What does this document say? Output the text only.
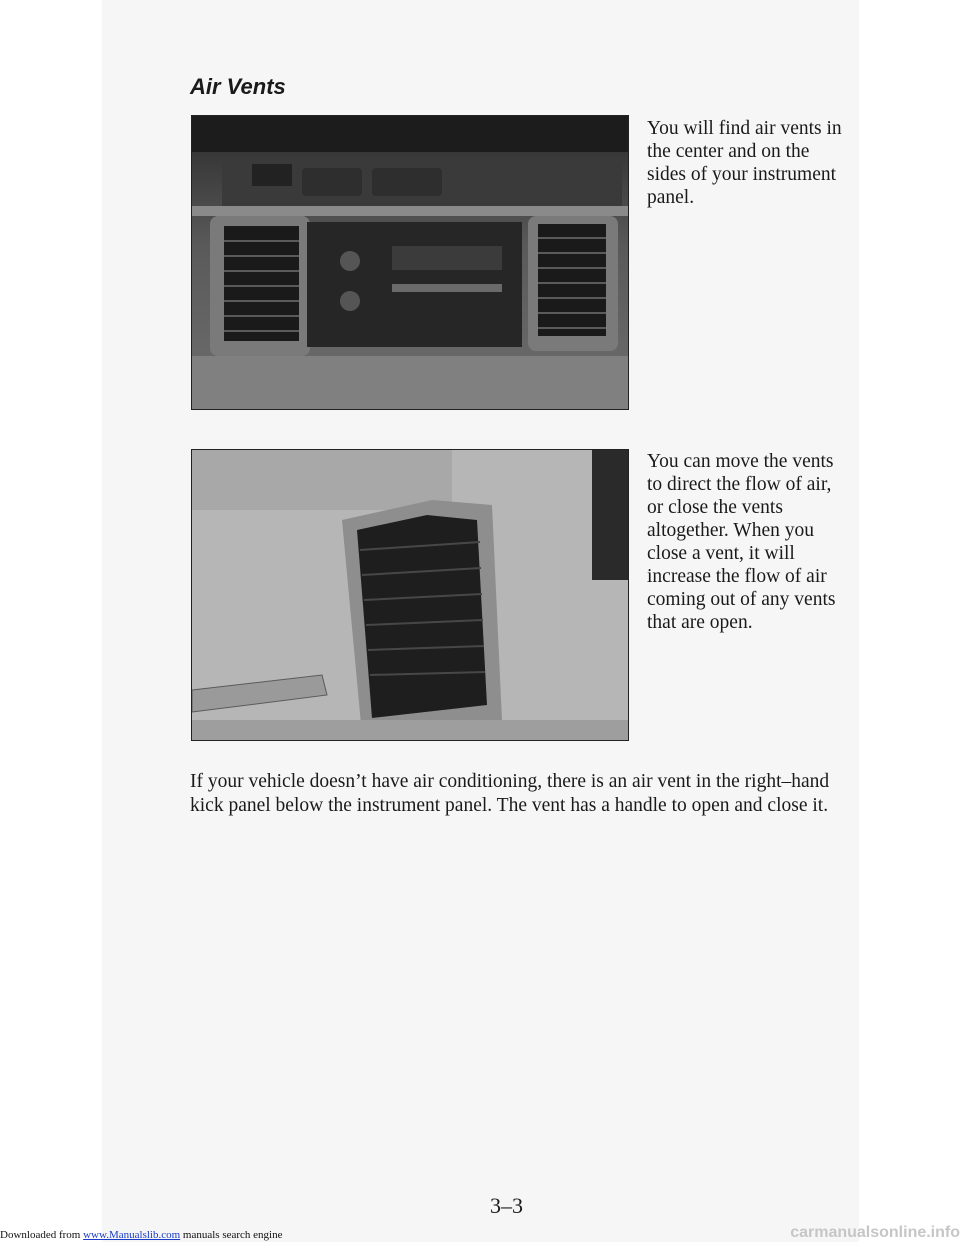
Air Vents

You will find air vents in the center and on the sides of your instrument panel.

You can move the vents to direct the flow of air, or close the vents altogether. When you close a vent, it will increase the flow of air coming out of any vents that are open.

If your vehicle doesn’t have air conditioning, there is an air vent in the right–hand kick panel below the instrument panel. The vent has a handle to open and close it.

3–3

Downloaded from www.Manualslib.com manuals search engine	carmanualsonline.info
